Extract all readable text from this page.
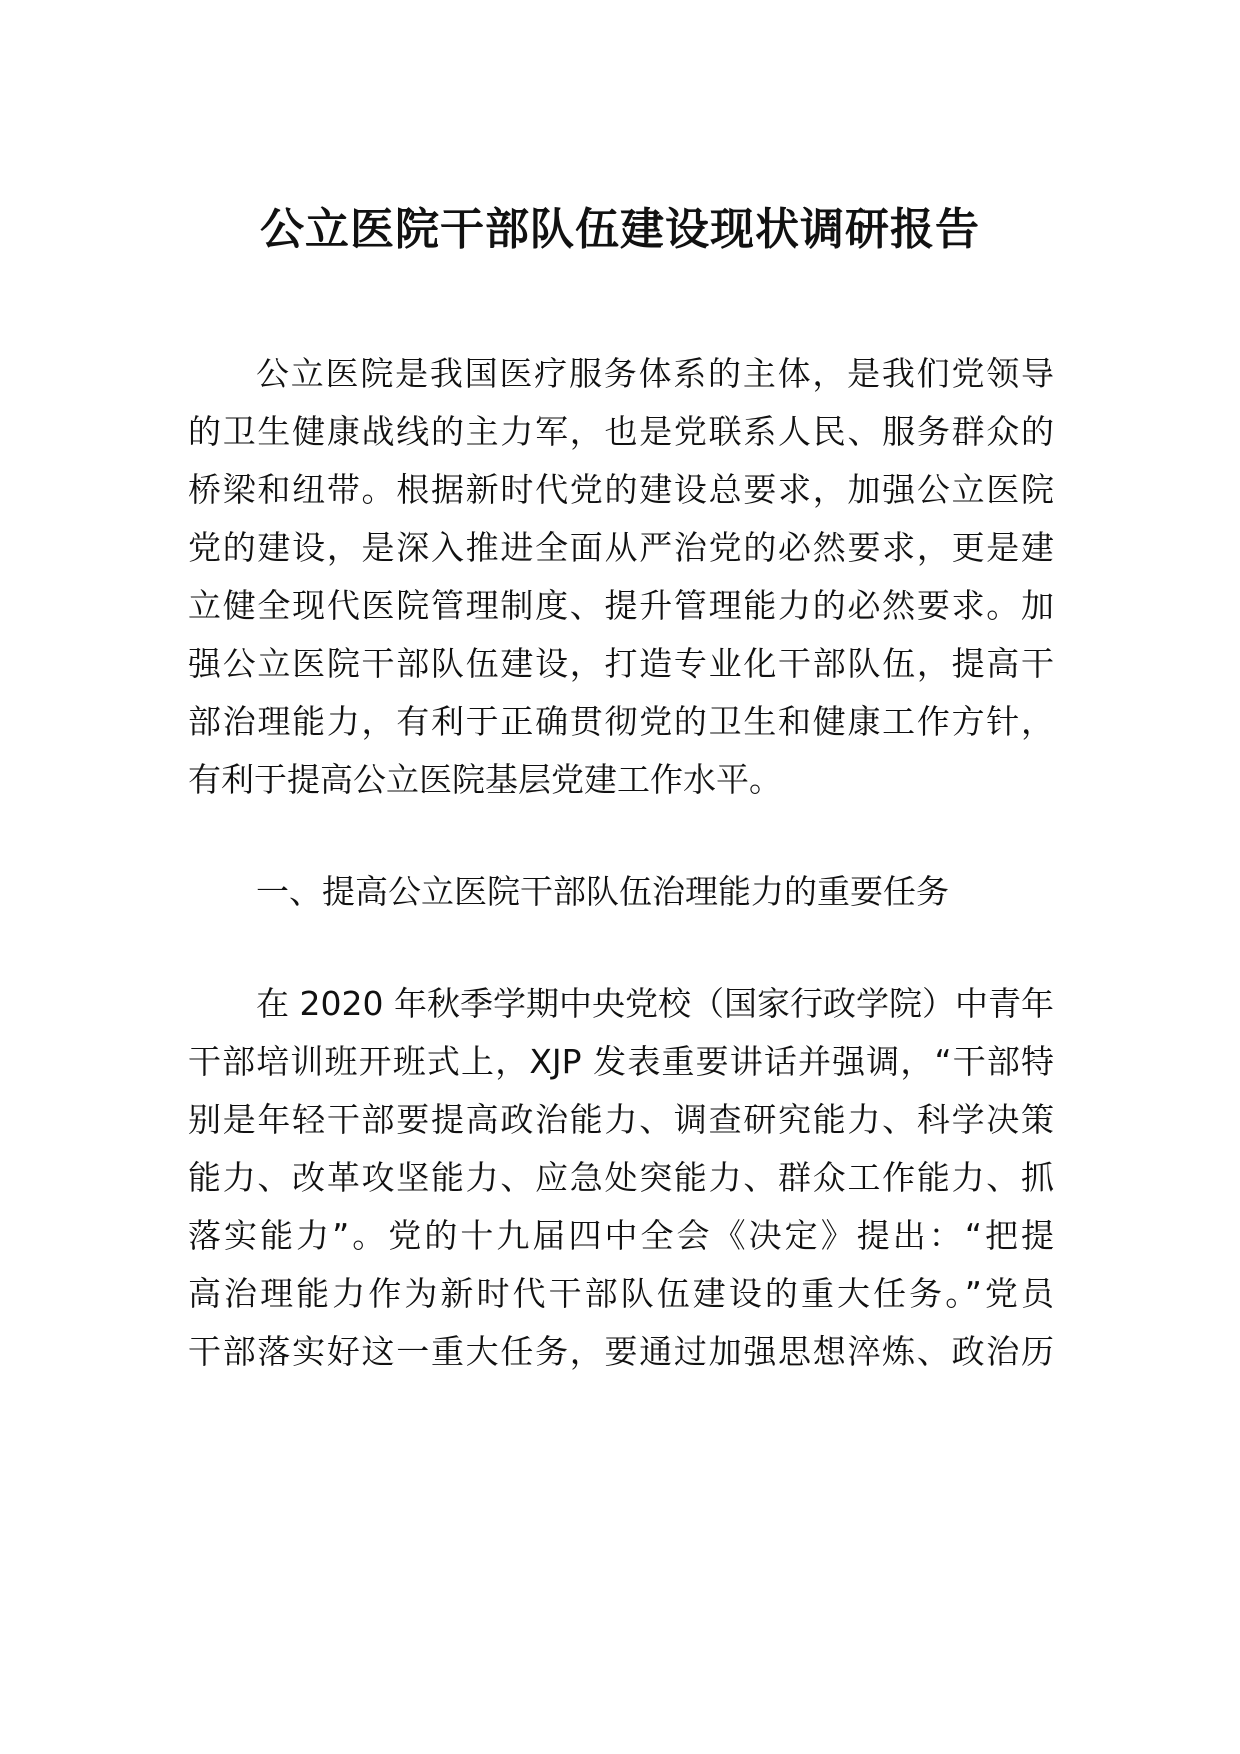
公立医院干部队伍建设现状调研报告

公立医院是我国医疗服务体系的主体，是我们党领导

的卫生健康战线的主力军，也是党联系人民、服务群众的

桥梁和纽带。根据新时代党的建设总要求，加强公立医院

党的建设，是深入推进全面从严治党的必然要求，更是建

立健全现代医院管理制度、提升管理能力的必然要求。加

强公立医院干部队伍建设，打造专业化干部队伍，提高干

部治理能力，有利于正确贯彻党的卫生和健康工作方针，

有利于提高公立医院基层党建工作水平。

一、提高公立医院干部队伍治理能力的重要任务

在 2020 年秋季学期中央党校（国家行政学院）中青年

干部培训班开班式上，XJP 发表重要讲话并强调，“干部特

别是年轻干部要提高政治能力、调查研究能力、科学决策

能力、改革攻坚能力、应急处突能力、群众工作能力、抓

落实能力”。党的十九届四中全会《决定》提出：“把提

高治理能力作为新时代干部队伍建设的重大任务。”党员

干部落实好这一重大任务，要通过加强思想淬炼、政治历
